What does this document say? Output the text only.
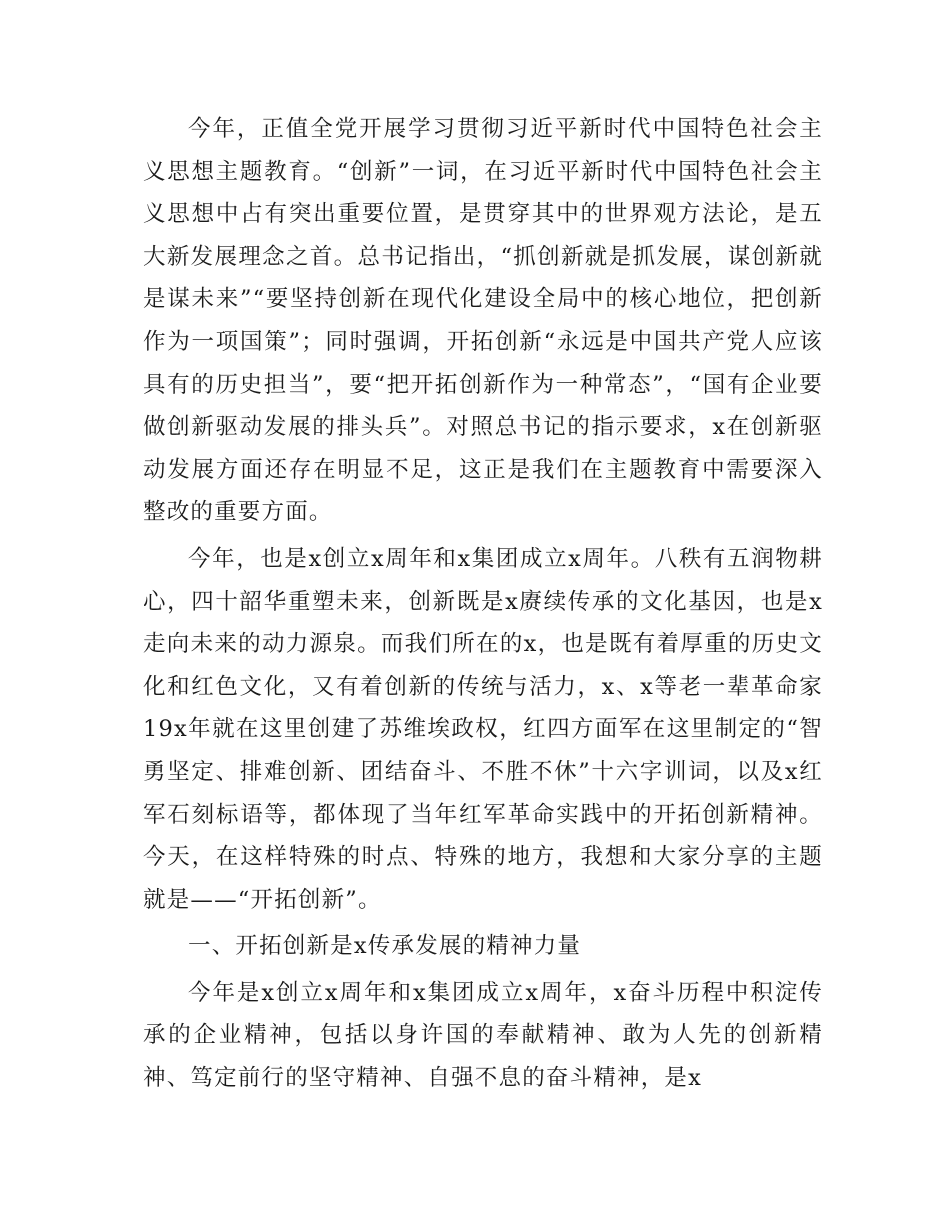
今年，正值全党开展学习贯彻习近平新时代中国特色社会主义思想主题教育。“创新”一词，在习近平新时代中国特色社会主义思想中占有突出重要位置，是贯穿其中的世界观方法论，是五大新发展理念之首。总书记指出，“抓创新就是抓发展，谋创新就是谋未来”“要坚持创新在现代化建设全局中的核心地位，把创新作为一项国策”；同时强调，开拓创新“永远是中国共产党人应该具有的历史担当”，要“把开拓创新作为一种常态”，“国有企业要做创新驱动发展的排头兵”。对照总书记的指示要求，x在创新驱动发展方面还存在明显不足，这正是我们在主题教育中需要深入整改的重要方面。

今年，也是x创立x周年和x集团成立x周年。八秩有五润物耕心，四十韶华重塑未来，创新既是x赓续传承的文化基因，也是x走向未来的动力源泉。而我们所在的x，也是既有着厚重的历史文化和红色文化，又有着创新的传统与活力，x、x等老一辈革命家19x年就在这里创建了苏维埃政权，红四方面军在这里制定的“智勇坚定、排难创新、团结奋斗、不胜不休”十六字训词，以及x红军石刻标语等，都体现了当年红军革命实践中的开拓创新精神。今天，在这样特殊的时点、特殊的地方，我想和大家分享的主题就是——“开拓创新”。

一、开拓创新是x传承发展的精神力量

今年是x创立x周年和x集团成立x周年，x奋斗历程中积淀传承的企业精神，包括以身许国的奉献精神、敢为人先的创新精神、笃定前行的坚守精神、自强不息的奋斗精神，是x
